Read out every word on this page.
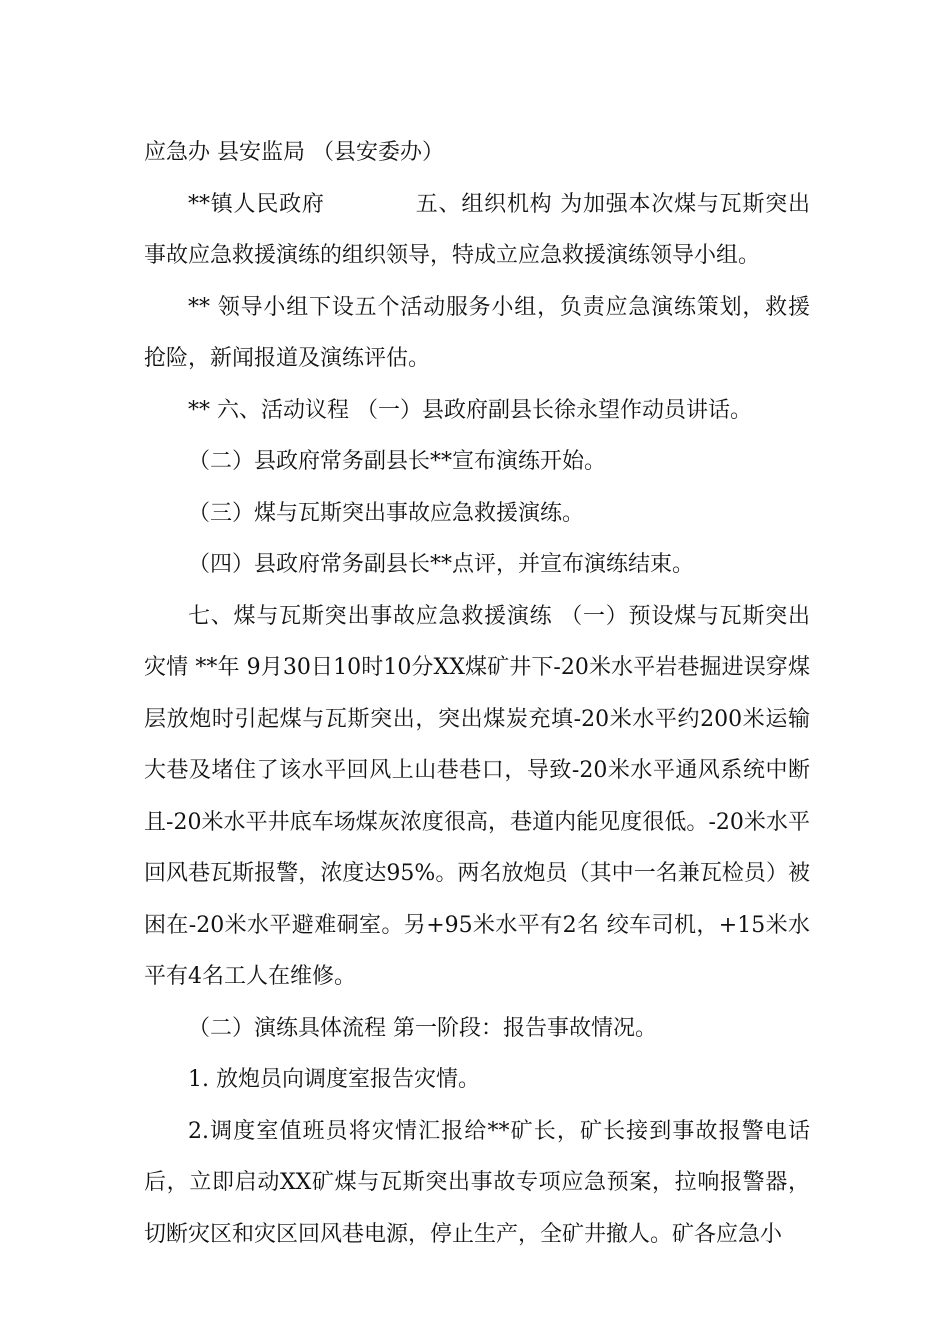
应急办 县安监局 （县安委办）

**镇人民政府　　　　五、组织机构 为加强本次煤与瓦斯突出事故应急救援演练的组织领导，特成立应急救援演练领导小组。

** 领导小组下设五个活动服务小组，负责应急演练策划，救援抢险，新闻报道及演练评估。

** 六、活动议程 （一）县政府副县长徐永望作动员讲话。

（二）县政府常务副县长**宣布演练开始。

（三）煤与瓦斯突出事故应急救援演练。

（四）县政府常务副县长**点评，并宣布演练结束。

七、煤与瓦斯突出事故应急救援演练 （一）预设煤与瓦斯突出灾情 **年 9月30日10时10分XX煤矿井下-20米水平岩巷掘进误穿煤层放炮时引起煤与瓦斯突出，突出煤炭充填-20米水平约200米运输大巷及堵住了该水平回风上山巷巷口，导致-20米水平通风系统中断且-20米水平井底车场煤灰浓度很高，巷道内能见度很低。-20米水平回风巷瓦斯报警，浓度达95%。两名放炮员（其中一名兼瓦检员）被困在-20米水平避难硐室。另+95米水平有2名 绞车司机，+15米水平有4名工人在维修。

（二）演练具体流程 第一阶段：报告事故情况。

1. 放炮员向调度室报告灾情。

2.调度室值班员将灾情汇报给**矿长，矿长接到事故报警电话后，立即启动XX矿煤与瓦斯突出事故专项应急预案，拉响报警器，切断灾区和灾区回风巷电源，停止生产，全矿井撤人。矿各应急小
